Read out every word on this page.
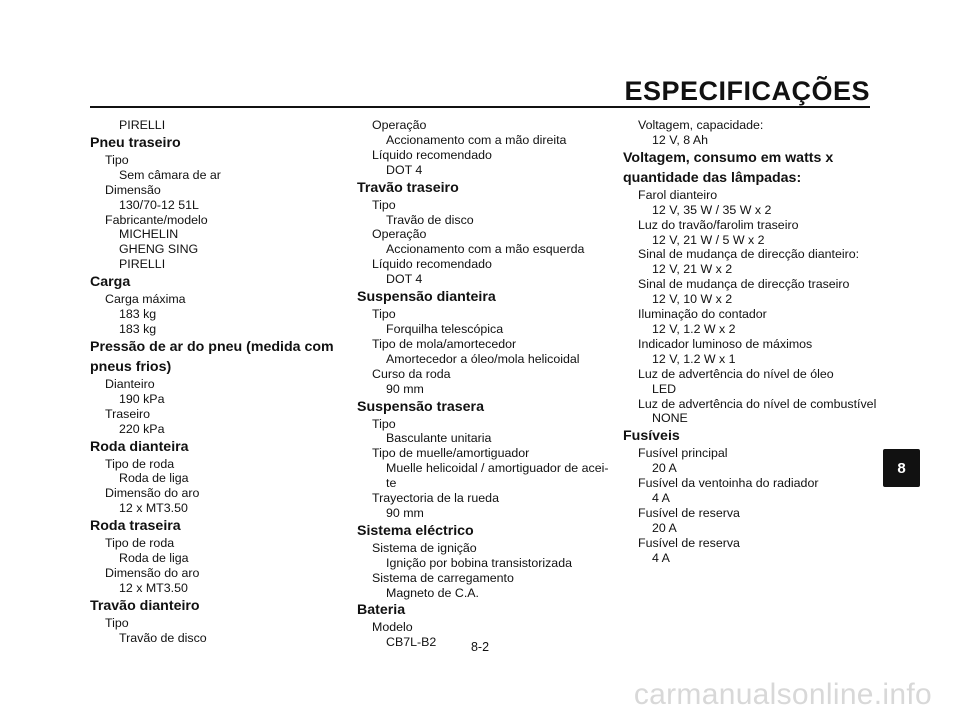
ESPECIFICAÇÕES
PIRELLI
Pneu traseiro
Tipo
Sem câmara de ar
Dimensão
130/70-12 51L
Fabricante/modelo
MICHELIN
GHENG SING
PIRELLI
Carga
Carga máxima
183 kg
183 kg
Pressão de ar do pneu (medida com
pneus frios)
Dianteiro
190 kPa
Traseiro
220 kPa
Roda dianteira
Tipo de roda
Roda de liga
Dimensão do aro
12 x MT3.50
Roda traseira
Tipo de roda
Roda de liga
Dimensão do aro
12 x MT3.50
Travão dianteiro
Tipo
Travão de disco
Operação
Accionamento com a mão direita
Líquido recomendado
DOT 4
Travão traseiro
Tipo
Travão de disco
Operação
Accionamento com a mão esquerda
Líquido recomendado
DOT 4
Suspensão dianteira
Tipo
Forquilha telescópica
Tipo de mola/amortecedor
Amortecedor a óleo/mola helicoidal
Curso da roda
90 mm
Suspensão trasera
Tipo
Basculante unitaria
Tipo de muelle/amortiguador
Muelle helicoidal / amortiguador de acei-
te
Trayectoria de la rueda
90 mm
Sistema eléctrico
Sistema de ignição
Ignição por bobina transistorizada
Sistema de carregamento
Magneto de C.A.
Bateria
Modelo
CB7L-B2
Voltagem, capacidade:
12 V, 8 Ah
Voltagem, consumo em watts x
quantidade das lâmpadas:
Farol dianteiro
12 V, 35 W / 35 W x 2
Luz do travão/farolim traseiro
12 V, 21 W / 5 W x 2
Sinal de mudança de direcção dianteiro:
12 V, 21 W x 2
Sinal de mudança de direcção traseiro
12 V, 10 W x 2
Iluminação do contador
12 V, 1.2 W x 2
Indicador luminoso de máximos
12 V, 1.2 W x 1
Luz de advertência do nível de óleo
LED
Luz de advertência do nível de combustível
NONE
Fusíveis
Fusível principal
20 A
Fusível da ventoinha do radiador
4 A
Fusível de reserva
20 A
Fusível de reserva
4 A
8
8-2
carmanualsonline.info
